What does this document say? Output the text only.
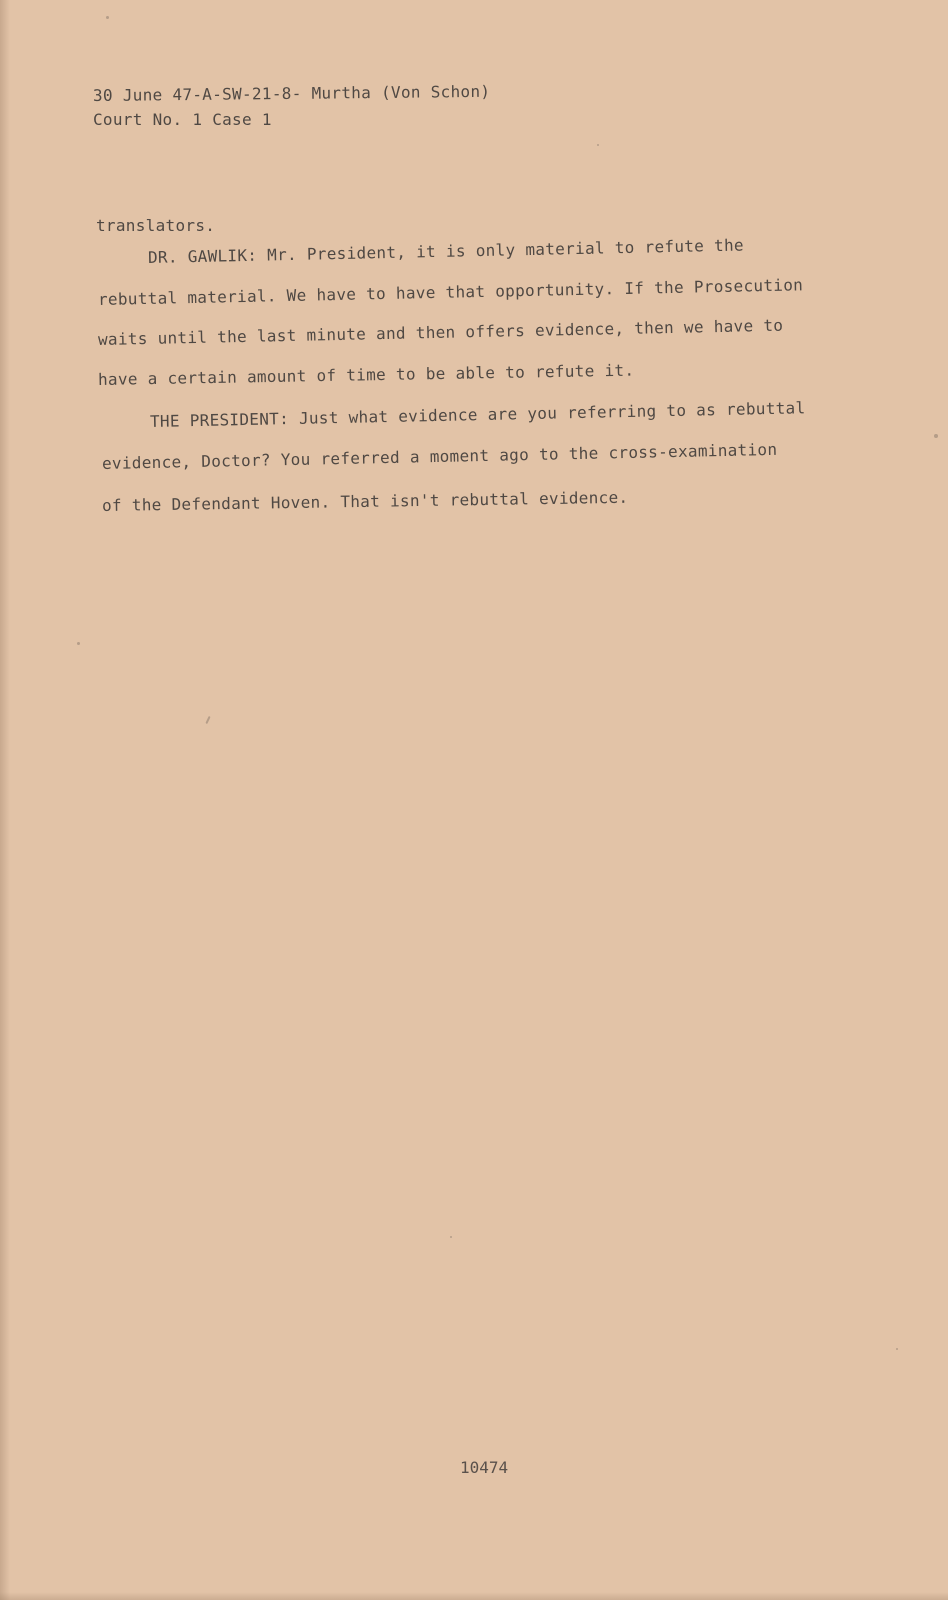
30 June 47-A-SW-21-8- Murtha (Von Schon)
Court No. 1 Case 1
translators.
DR. GAWLIK: Mr. President, it is only material to refute the
rebuttal material. We have to have that opportunity. If the Prosecution
waits until the last minute and then offers evidence, then we have to
have a certain amount of time to be able to refute it.
THE PRESIDENT: Just what evidence are you referring to as rebuttal
evidence, Doctor? You referred a moment ago to the cross-examination
of the Defendant Hoven. That isn't rebuttal evidence.
10474
